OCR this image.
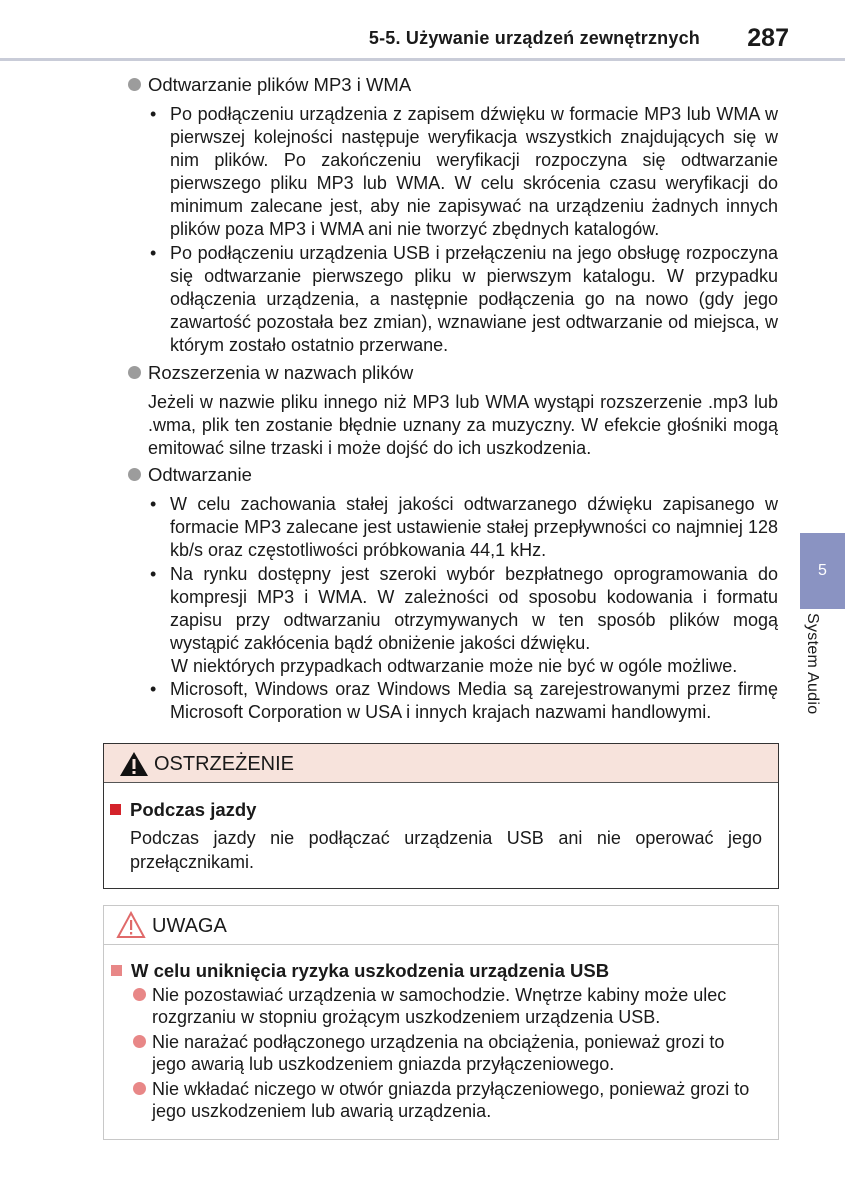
5-5. Używanie urządzeń zewnętrznych 287
5
System Audio
Odtwarzanie plików MP3 i WMA
• Po podłączeniu urządzenia z zapisem dźwięku w formacie MP3 lub WMA w pierwszej kolejności następuje weryfikacja wszystkich znajdujących się w nim plików. Po zakończeniu weryfikacji rozpoczyna się odtwarzanie pierwszego pliku MP3 lub WMA. W celu skrócenia czasu weryfikacji do minimum zalecane jest, aby nie zapisywać na urządzeniu żadnych innych plików poza MP3 i WMA ani nie tworzyć zbędnych katalogów.
• Po podłączeniu urządzenia USB i przełączeniu na jego obsługę rozpoczyna się odtwarzanie pierwszego pliku w pierwszym katalogu. W przypadku odłączenia urządzenia, a następnie podłączenia go na nowo (gdy jego zawartość pozostała bez zmian), wznawiane jest odtwarzanie od miejsca, w którym zostało ostatnio przerwane.
Rozszerzenia w nazwach plików
Jeżeli w nazwie pliku innego niż MP3 lub WMA wystąpi rozszerzenie .mp3 lub .wma, plik ten zostanie błędnie uznany za muzyczny. W efekcie głośniki mogą emitować silne trzaski i może dojść do ich uszkodzenia.
Odtwarzanie
• W celu zachowania stałej jakości odtwarzanego dźwięku zapisanego w formacie MP3 zalecane jest ustawienie stałej przepływności co najmniej 128 kb/s oraz częstotliwości próbkowania 44,1 kHz.
• Na rynku dostępny jest szeroki wybór bezpłatnego oprogramowania do kompresji MP3 i WMA. W zależności od sposobu kodowania i formatu zapisu przy odtwarzaniu otrzymywanych w ten sposób plików mogą wystąpić zakłócenia bądź obniżenie jakości dźwięku.
W niektórych przypadkach odtwarzanie może nie być w ogóle możliwe.
• Microsoft, Windows oraz Windows Media są zarejestrowanymi przez firmę Microsoft Corporation w USA i innych krajach nazwami handlowymi.
OSTRZEŻENIE
Podczas jazdy
Podczas jazdy nie podłączać urządzenia USB ani nie operować jego przełącznikami.
UWAGA
W celu uniknięcia ryzyka uszkodzenia urządzenia USB
Nie pozostawiać urządzenia w samochodzie. Wnętrze kabiny może ulec rozgrzaniu w stopniu grożącym uszkodzeniem urządzenia USB.
Nie narażać podłączonego urządzenia na obciążenia, ponieważ grozi to jego awarią lub uszkodzeniem gniazda przyłączeniowego.
Nie wkładać niczego w otwór gniazda przyłączeniowego, ponieważ grozi to jego uszkodzeniem lub awarią urządzenia.
